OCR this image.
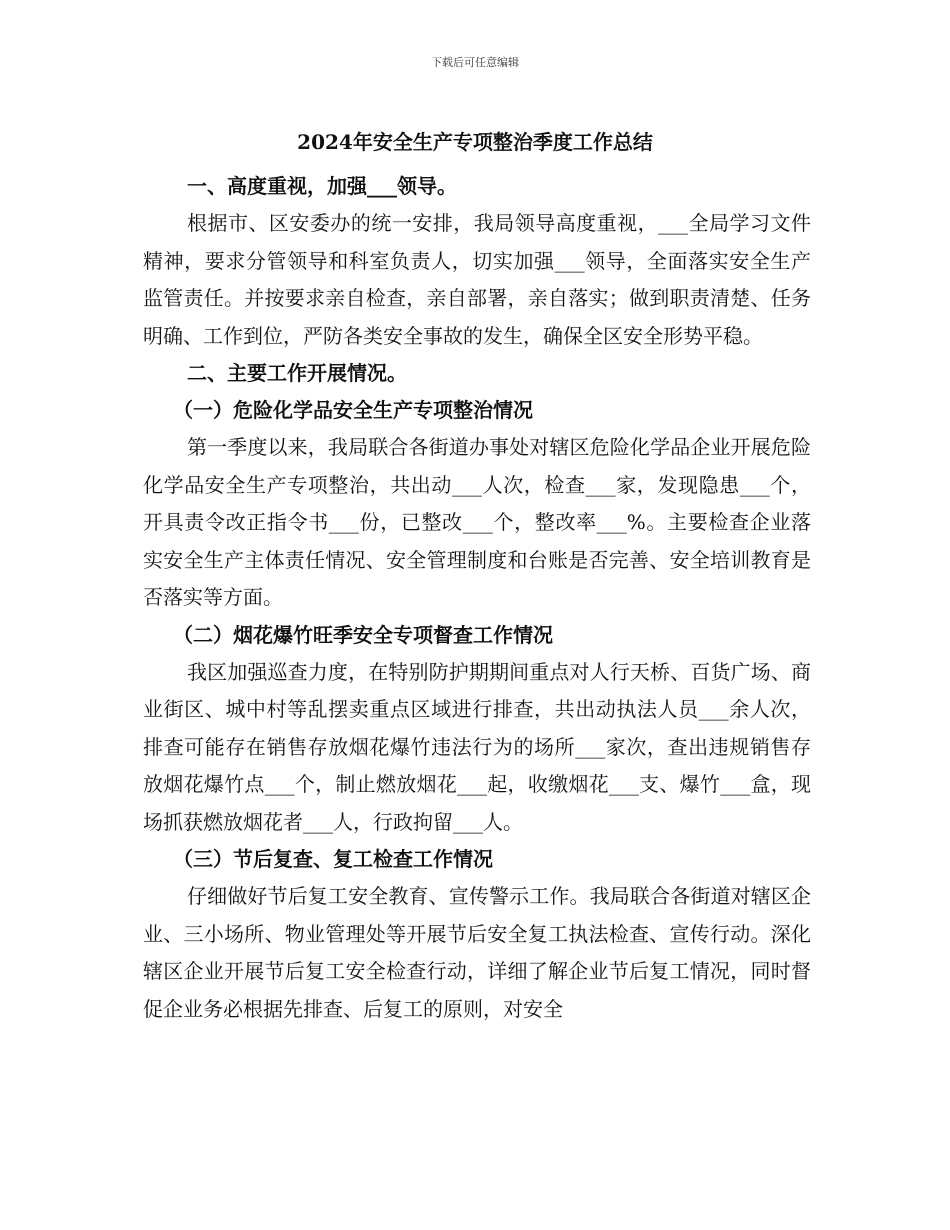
下载后可任意编辑
2024年安全生产专项整治季度工作总结
一、高度重视，加强___领导。

根据市、区安委办的统一安排，我局领导高度重视，___全局学习文件精神，要求分管领导和科室负责人，切实加强___领导，全面落实安全生产监管责任。并按要求亲自检查，亲自部署，亲自落实；做到职责清楚、任务明确、工作到位，严防各类安全事故的发生，确保全区安全形势平稳。

二、主要工作开展情况。
（一）危险化学品安全生产专项整治情况

第一季度以来，我局联合各街道办事处对辖区危险化学品企业开展危险化学品安全生产专项整治，共出动___人次，检查___家，发现隐患___个，开具责令改正指令书___份，已整改___个，整改率___%。主要检查企业落实安全生产主体责任情况、安全管理制度和台账是否完善、安全培训教育是否落实等方面。

（二）烟花爆竹旺季安全专项督查工作情况

我区加强巡查力度，在特别防护期期间重点对人行天桥、百货广场、商业街区、城中村等乱摆卖重点区域进行排查，共出动执法人员___余人次，排查可能存在销售存放烟花爆竹违法行为的场所___家次，查出违规销售存放烟花爆竹点___个，制止燃放烟花___起，收缴烟花___支、爆竹___盒，现场抓获燃放烟花者___人，行政拘留___人。

（三）节后复查、复工检查工作情况

仔细做好节后复工安全教育、宣传警示工作。我局联合各街道对辖区企业、三小场所、物业管理处等开展节后安全复工执法检查、宣传行动。深化辖区企业开展节后复工安全检查行动，详细了解企业节后复工情况，同时督促企业务必根据先排查、后复工的原则，对安全
